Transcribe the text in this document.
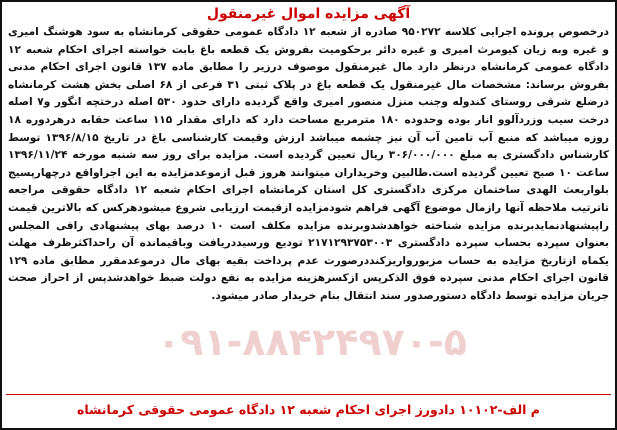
آگهی مزایده اموال غیرمنقول
درخصوص پرونده اجرایی کلاسه ۹۵۰۲۷۲ صادره از شعبه ۱۲ دادگاه عمومی حقوقی کرمانشاه به سود هوشنگ امیری و غیره وبه زیان کیومرث امیری و غیره دائر برحکومیت بفروش یک قطعه باغ بابت خواسته اجرای احکام شعبه ۱۲ دادگاه عمومی کرمانشاه درنظر دارد مال غیرمنقول موصوف درزیر را مطابق ماده ۱۳۷ قانون اجرای احکام مدنی بفروش برساند: مشخصات مال غیرمنقول یک قطعه باغ در پلاک ثبتی ۳۱ فرعی از ۶۸ اصلی بخش هشت کرمانشاه درضلع شرقی روستای کندوله وجنب منزل منصور امیری واقع گردیده دارای حدود ۵۳۰ اصله درختچه انگور و۷ اصله درخت سیب وزردآلوو انار بوده وحدوده ۱۸۰ مترمربع مساحت دارد که دارای مقدار ۱۱۵ ساعت حقابه درهردوره ۱۸ روزه میباشد که منبع آب تامین آب آن نیز چشمه میباشد ارزش وقیمت کارشناسی باغ در تاریخ ۱۳۹۶/۸/۱۵ توسط کارشناس دادگستری به مبلغ ۳۰۶/۰۰۰/۰۰۰ ریال تعیین گردیده است. مزایده برای روز سه شنبه مورخه ۱۳۹۶/۱۱/۲۴ ساعت ۱۰ صبح تعیین گردیده است.طالبین وخریداران میتوانند هروز قبل ازموعدمزایده به این اجراواقع درچهارپسیج بلواربعث الهدی ساختمان مرکزی دادگستری کل استان کرمانشاه اجرای احکام شعبه ۱۲ دادگاه حقوقی مراجعه تاترتیب ملاحظه آنها رازمال موضوع آگهی فراهم شودمزایده ازقیمت ارزیابی شروع میشودهرکس که بالاترین قیمت راپیشنهادنمایدبرنده مزایده شناخته خواهدشدوبرنده مزایده مکلف است ۱۰ درصد بهای پیشنهادی رافی المجلس بعنوان سپرده بحساب سپرده دادگستری ۲۱۷۱۲۹۳۷۵۳۰۰۳ تودیع ورسیددریافت وباقیمانده آن راحداکثرظرف مهلت یکماه ازتاریخ مزایده به حساب مزبورواریزکنددرصورت عدم پرداخت بقیه بهای مال درموعدمقرر مطابق ماده ۱۲۹ قانون اجرای احکام مدنی سپرده فوق الذکرپس ازکسرهزینه مزایده به نفع دولت ضبط خواهدشدپس از احراز صحت جریان مزایده توسط دادگاه دستورصدور سند انتقال بنام خریدار صادر میشود.
۰۹۱-۸۸۴۲۴۹۷۰-۵
م الف-۱۰۱۰۲ دادورز اجرای احکام شعبه ۱۲ دادگاه عمومی حقوقی کرمانشاه
